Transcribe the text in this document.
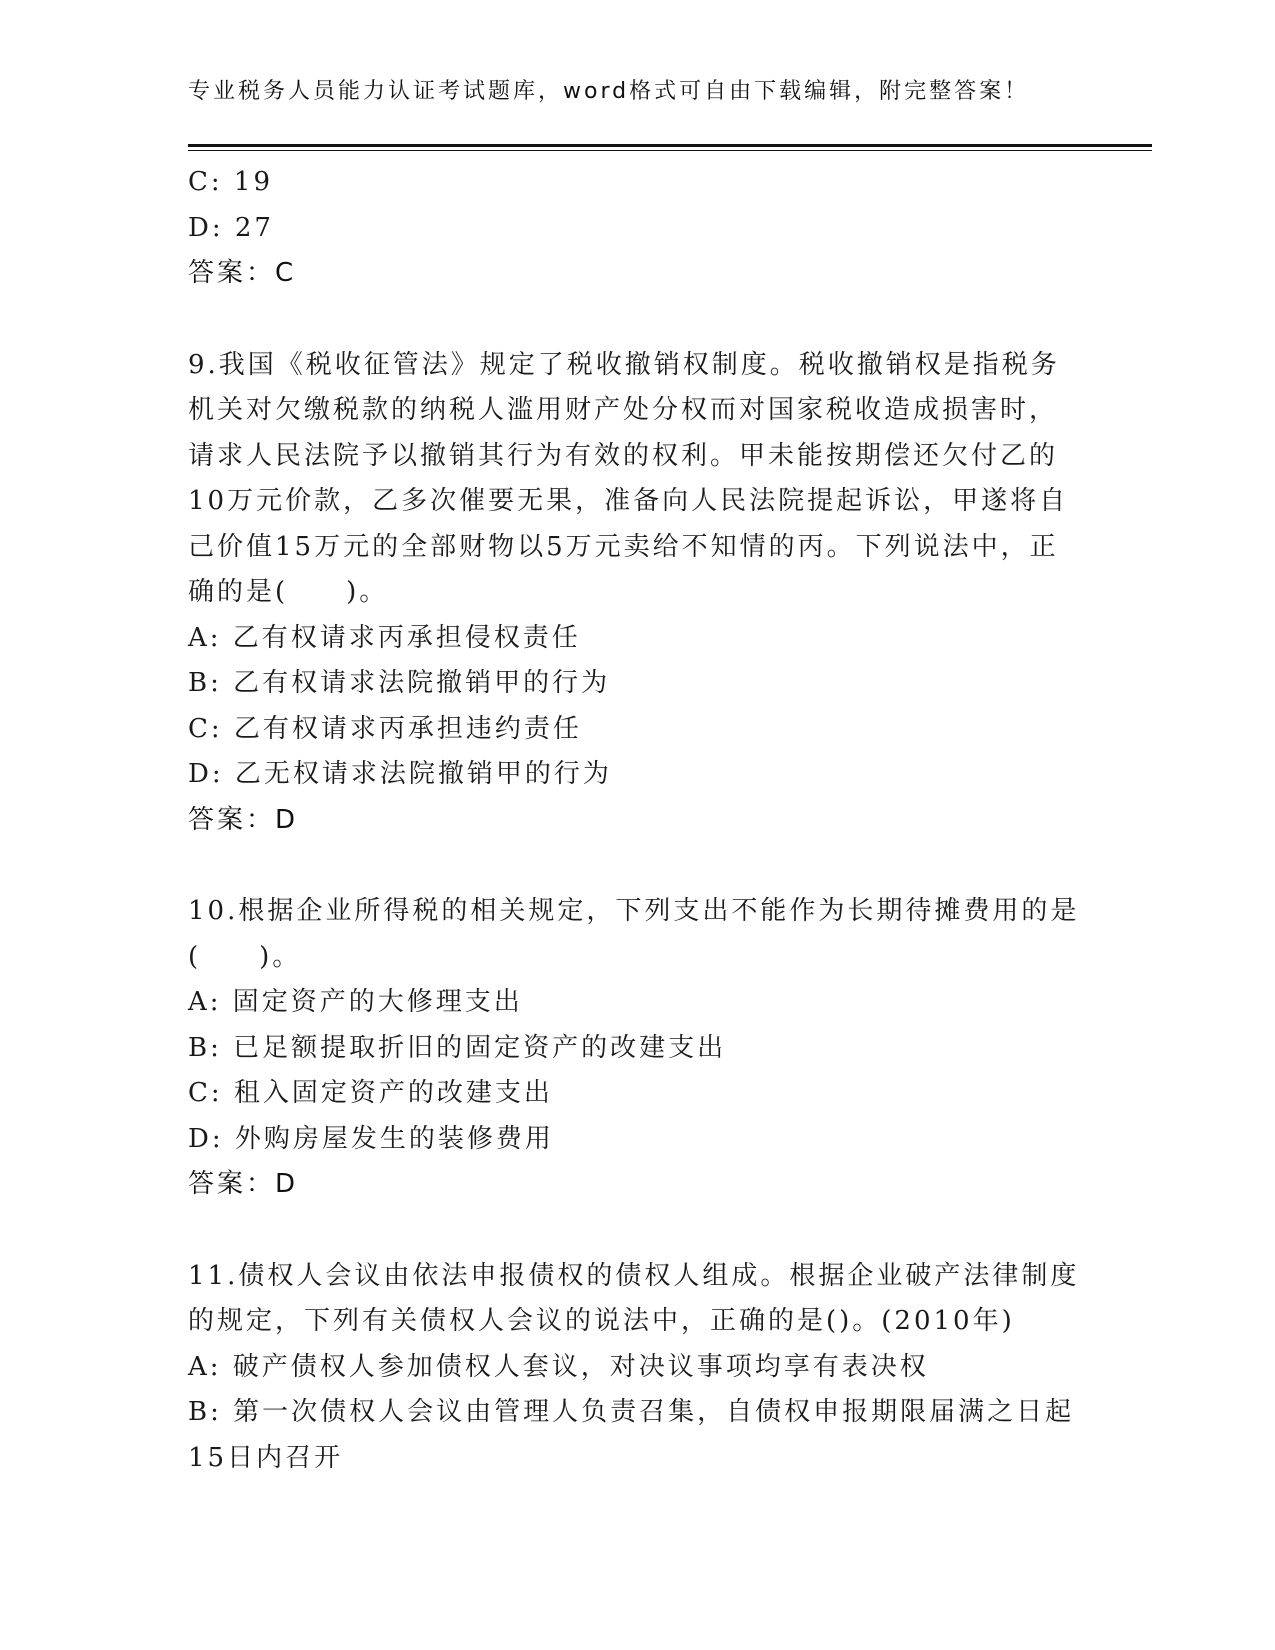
专业税务人员能力认证考试题库，word格式可自由下载编辑，附完整答案！
C: 19
D: 27
答案：C
9.我国《税收征管法》规定了税收撤销权制度。税收撤销权是指税务
机关对欠缴税款的纳税人滥用财产处分权而对国家税收造成损害时，
请求人民法院予以撤销其行为有效的权利。甲未能按期偿还欠付乙的
10万元价款，乙多次催要无果，准备向人民法院提起诉讼，甲遂将自
己价值15万元的全部财物以5万元卖给不知情的丙。下列说法中，正
确的是(　　)。
A: 乙有权请求丙承担侵权责任
B: 乙有权请求法院撤销甲的行为
C: 乙有权请求丙承担违约责任
D: 乙无权请求法院撤销甲的行为
答案：D
10.根据企业所得税的相关规定，下列支出不能作为长期待摊费用的是
(　　)。
A: 固定资产的大修理支出
B: 已足额提取折旧的固定资产的改建支出
C: 租入固定资产的改建支出
D: 外购房屋发生的装修费用
答案：D
11.债权人会议由依法申报债权的债权人组成。根据企业破产法律制度
的规定，下列有关债权人会议的说法中，正确的是()。(2010年)
A: 破产债权人参加债权人套议，对决议事项均享有表决权
B: 第一次债权人会议由管理人负责召集，自债权申报期限届满之日起
15日内召开
